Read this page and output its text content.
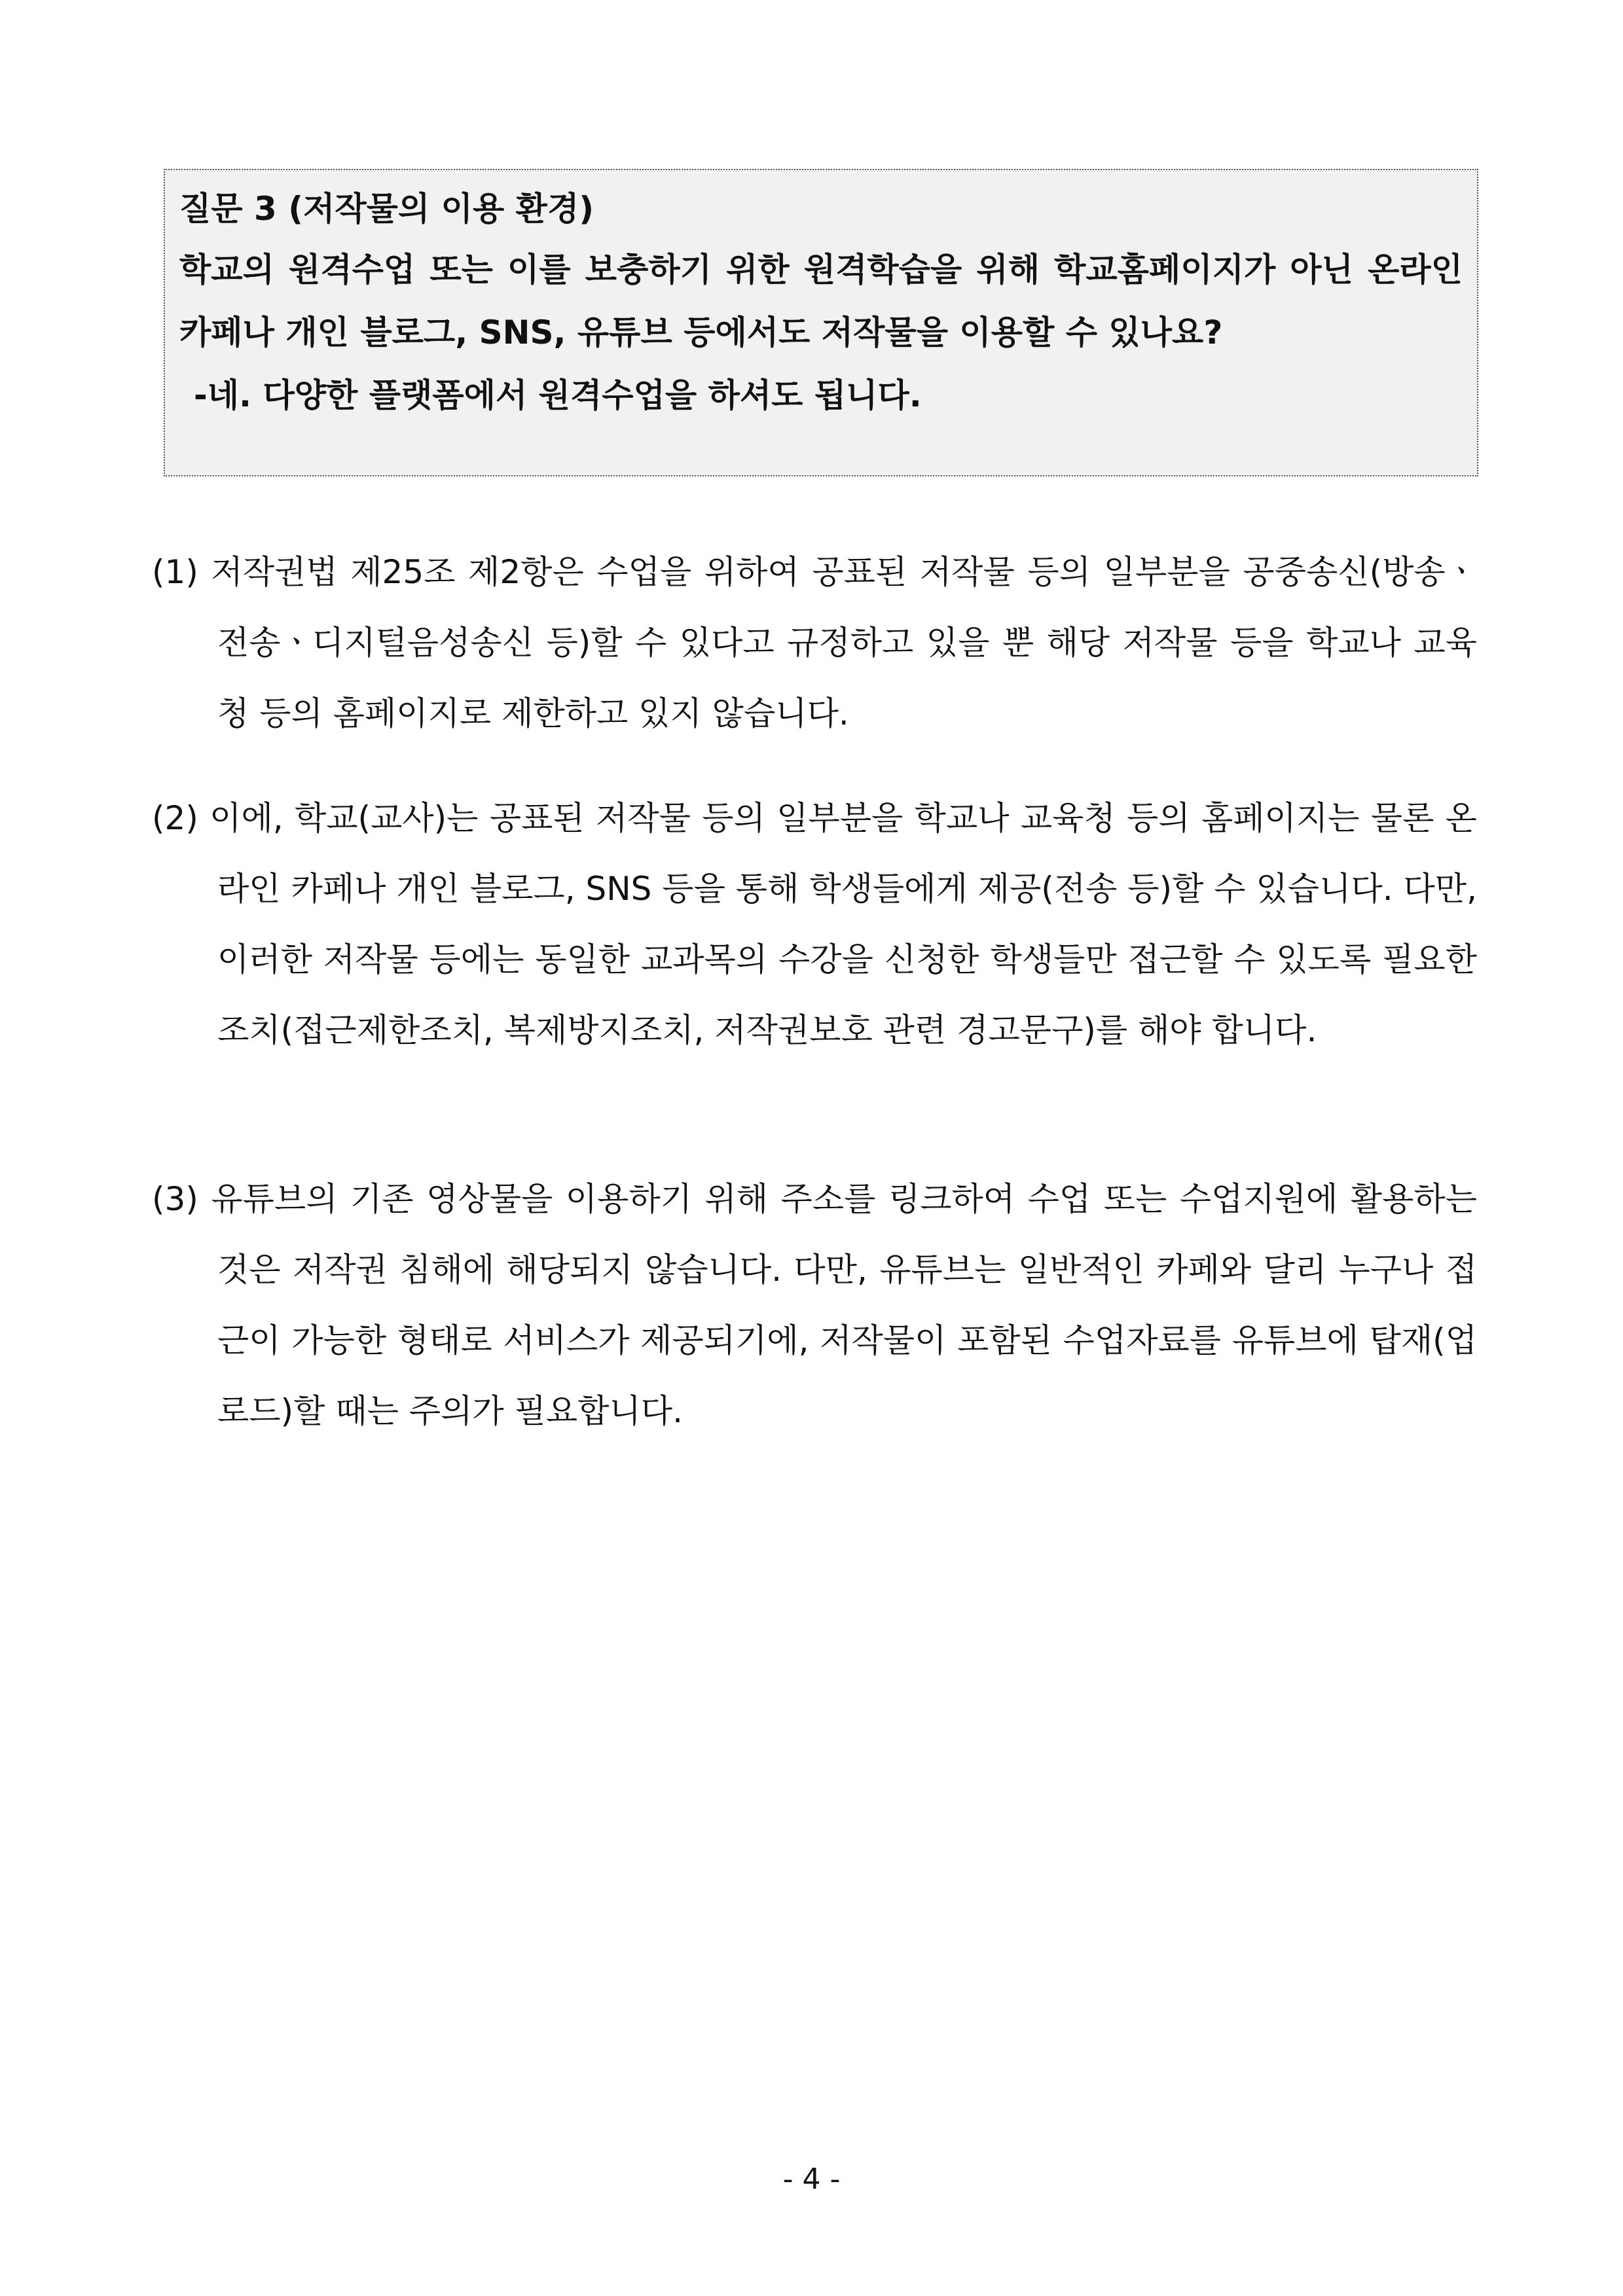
질문 3 (저작물의 이용 환경)

학교의 원격수업 또는 이를 보충하기 위한 원격학습을 위해 학교홈페이지가 아닌 온라인 카페나 개인 블로그, SNS, 유튜브 등에서도 저작물을 이용할 수 있나요?

-네. 다양한 플랫폼에서 원격수업을 하셔도 됩니다.

(1) 저작권법 제25조 제2항은 수업을 위하여 공표된 저작물 등의 일부분을 공중송신(방송ㆍ전송ㆍ디지털음성송신 등)할 수 있다고 규정하고 있을 뿐 해당 저작물 등을 학교나 교육청 등의 홈페이지로 제한하고 있지 않습니다.

(2) 이에, 학교(교사)는 공표된 저작물 등의 일부분을 학교나 교육청 등의 홈페이지는 물론 온라인 카페나 개인 블로그, SNS 등을 통해 학생들에게 제공(전송 등)할 수 있습니다. 다만, 이러한 저작물 등에는 동일한 교과목의 수강을 신청한 학생들만 접근할 수 있도록 필요한 조치(접근제한조치, 복제방지조치, 저작권보호 관련 경고문구)를 해야 합니다.

(3) 유튜브의 기존 영상물을 이용하기 위해 주소를 링크하여 수업 또는 수업지원에 활용하는 것은 저작권 침해에 해당되지 않습니다. 다만, 유튜브는 일반적인 카페와 달리 누구나 접근이 가능한 형태로 서비스가 제공되기에, 저작물이 포함된 수업자료를 유튜브에 탑재(업로드)할 때는 주의가 필요합니다.

- 4 -
